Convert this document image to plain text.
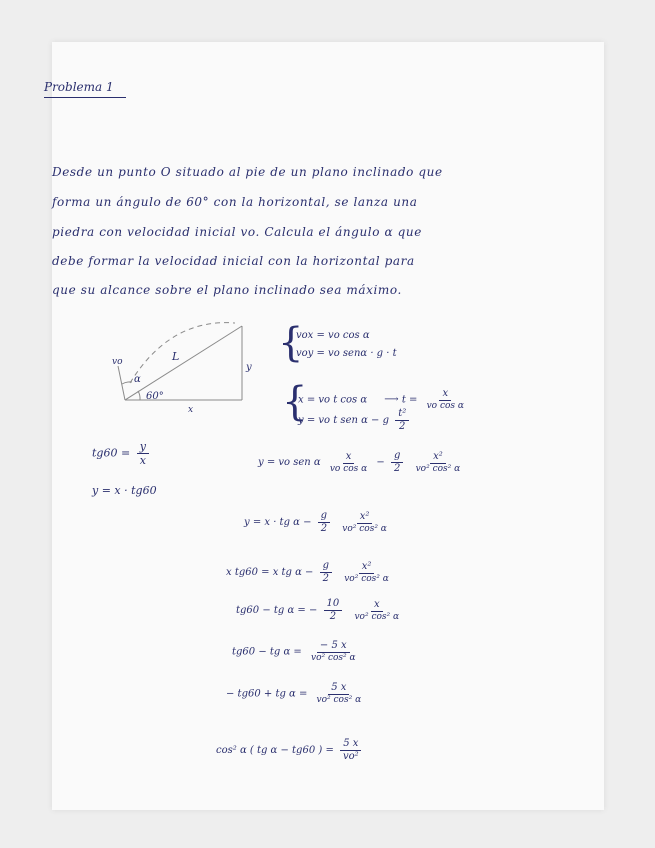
Problema 1
Desde un punto O situado al pie de un plano inclinado que
forma un ángulo de 60° con la horizontal, se lanza una
piedra con velocidad inicial vo. Calcula el ángulo α que
debe formar la velocidad inicial con la horizontal para
que su alcance sobre el plano inclinado sea máximo.
60°
α
vo	L
y
x
{
vox = vo cos α
voy = vo senα · g · t
{
x = vo t cos α ⟶ $t = \frac{x}{\text{vo cos α}}$
y = vo t sen α − g $\frac{\text{t²}}{2}$
$tg60 = \frac{y}{x}$
y = x · tg60
y = vo sen α $\frac{x}{\text{vo cos α}} - \frac{g}{2}$
$\frac{\text{x²}}{\text{vo² cos² α}}$
y = x · tg $\alpha - \frac{g}{2}$
$\frac{\text{x²}}{\text{vo² cos² α}}$
x tg60 = x tg $\alpha - \frac{g}{2}$
$\frac{\text{x²}}{\text{vo² cos² α}}$
tg60 − tg α = − $\frac{10}{2}$
$\frac{x}{\text{vo² cos² α}}$
tg60 − tg $\alpha = \frac{- 5 x}{\text{vo² cos² α}}$
− tg60 + tg $\alpha = \frac{5 x}{\text{vo² cos² α}}$
cos² α ( tg α − tg60 ) = $\frac{5 x}{\text{vo²}}$
